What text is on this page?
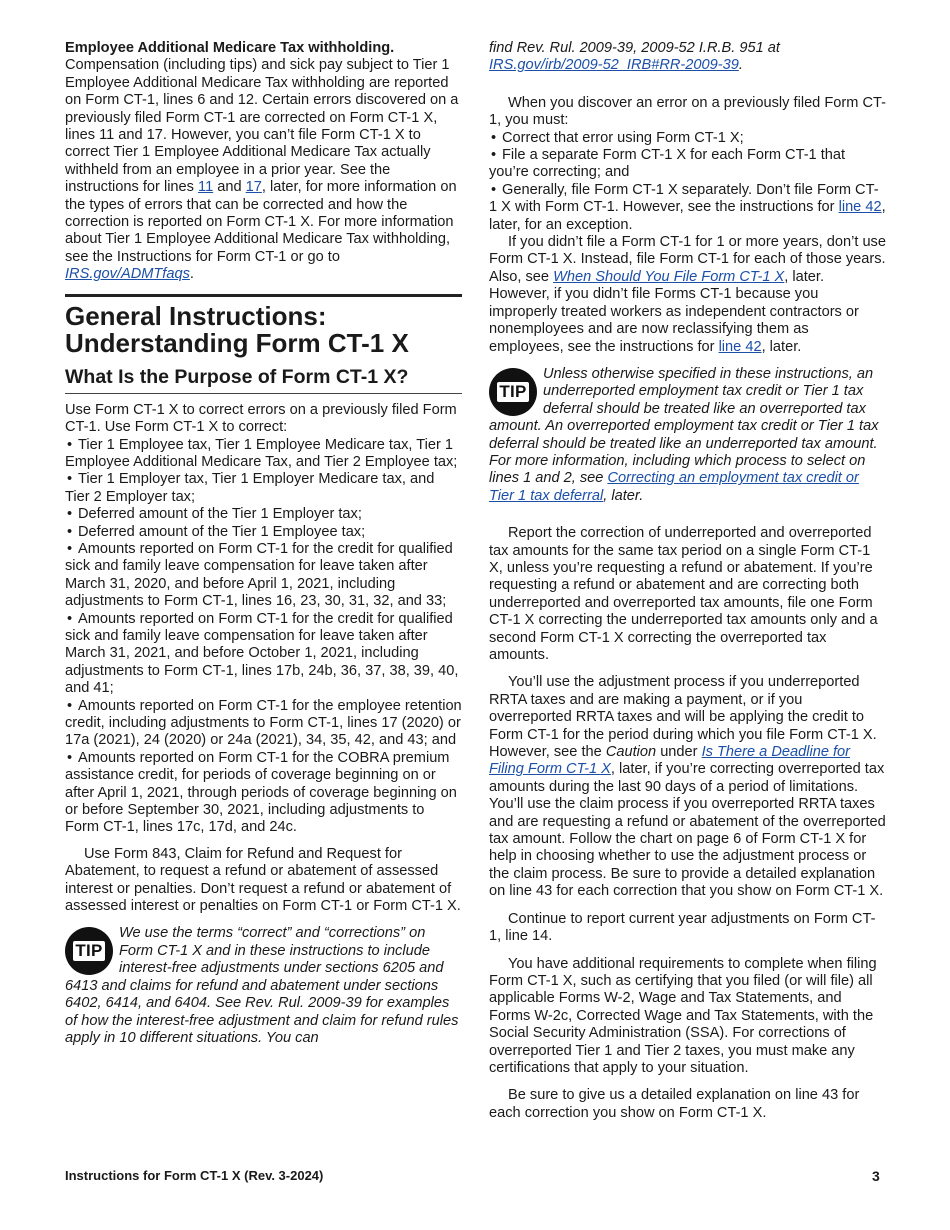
Employee Additional Medicare Tax withholding. Compensation (including tips) and sick pay subject to Tier 1 Employee Additional Medicare Tax withholding are reported on Form CT-1, lines 6 and 12. Certain errors discovered on a previously filed Form CT-1 are corrected on Form CT-1 X, lines 11 and 17. However, you can’t file Form CT-1 X to correct Tier 1 Employee Additional Medicare Tax actually withheld from an employee in a prior year. See the instructions for lines 11 and 17, later, for more information on the types of errors that can be corrected and how the correction is reported on Form CT-1 X. For more information about Tier 1 Employee Additional Medicare Tax withholding, see the Instructions for Form CT-1 or go to IRS.gov/ADMTfaqs.

General Instructions: Understanding Form CT-1 X
What Is the Purpose of Form CT-1 X?

Use Form CT-1 X to correct errors on a previously filed Form CT-1. Use Form CT-1 X to correct:

• Tier 1 Employee tax, Tier 1 Employee Medicare tax, Tier 1 Employee Additional Medicare Tax, and Tier 2 Employee tax;
• Tier 1 Employer tax, Tier 1 Employer Medicare tax, and Tier 2 Employer tax;
• Deferred amount of the Tier 1 Employer tax;
• Deferred amount of the Tier 1 Employee tax;
• Amounts reported on Form CT-1 for the credit for qualified sick and family leave compensation for leave taken after March 31, 2020, and before April 1, 2021, including adjustments to Form CT-1, lines 16, 23, 30, 31, 32, and 33;
• Amounts reported on Form CT-1 for the credit for qualified sick and family leave compensation for leave taken after March 31, 2021, and before October 1, 2021, including adjustments to Form CT-1, lines 17b, 24b, 36, 37, 38, 39, 40, and 41;
• Amounts reported on Form CT-1 for the employee retention credit, including adjustments to Form CT-1, lines 17 (2020) or 17a (2021), 24 (2020) or 24a (2021), 34, 35, 42, and 43; and
• Amounts reported on Form CT-1 for the COBRA premium assistance credit, for periods of coverage beginning on or after April 1, 2021, through periods of coverage beginning on or before September 30, 2021, including adjustments to Form CT-1, lines 17c, 17d, and 24c.

Use Form 843, Claim for Refund and Request for Abatement, to request a refund or abatement of assessed interest or penalties. Don’t request a refund or abatement of assessed interest or penalties on Form CT-1 or Form CT-1 X.

TIP

We use the terms “correct” and “corrections” on Form CT-1 X and in these instructions to include interest-free adjustments under sections 6205 and 6413 and claims for refund and abatement under sections 6402, 6414, and 6404. See Rev. Rul. 2009-39 for examples of how the interest-free adjustment and claim for refund rules apply in 10 different situations. You can

find Rev. Rul. 2009-39, 2009-52 I.R.B. 951 at IRS.gov/irb/2009-52_IRB#RR-2009-39.

When you discover an error on a previously filed Form CT-1, you must:

• Correct that error using Form CT-1 X;
• File a separate Form CT-1 X for each Form CT-1 that you’re correcting; and
• Generally, file Form CT-1 X separately. Don’t file Form CT-1 X with Form CT-1. However, see the instructions for line 42, later, for an exception.

If you didn’t file a Form CT-1 for 1 or more years, don’t use Form CT-1 X. Instead, file Form CT-1 for each of those years. Also, see When Should You File Form CT-1 X, later. However, if you didn’t file Forms CT-1 because you improperly treated workers as independent contractors or nonemployees and are now reclassifying them as employees, see the instructions for line 42, later.

TIP

Unless otherwise specified in these instructions, an underreported employment tax credit or Tier 1 tax deferral should be treated like an overreported tax amount. An overreported employment tax credit or Tier 1 tax deferral should be treated like an underreported tax amount. For more information, including which process to select on lines 1 and 2, see Correcting an employment tax credit or Tier 1 tax deferral, later.

Report the correction of underreported and overreported tax amounts for the same tax period on a single Form CT-1 X, unless you’re requesting a refund or abatement. If you’re requesting a refund or abatement and are correcting both underreported and overreported tax amounts, file one Form CT-1 X correcting the underreported tax amounts only and a second Form CT-1 X correcting the overreported tax amounts.

You’ll use the adjustment process if you underreported RRTA taxes and are making a payment, or if you overreported RRTA taxes and will be applying the credit to Form CT-1 for the period during which you file Form CT-1 X. However, see the Caution under Is There a Deadline for Filing Form CT-1 X, later, if you’re correcting overreported tax amounts during the last 90 days of a period of limitations. You’ll use the claim process if you overreported RRTA taxes and are requesting a refund or abatement of the overreported tax amount. Follow the chart on page 6 of Form CT-1 X for help in choosing whether to use the adjustment process or the claim process. Be sure to provide a detailed explanation on line 43 for each correction that you show on Form CT-1 X.

Continue to report current year adjustments on Form CT-1, line 14.

You have additional requirements to complete when filing Form CT-1 X, such as certifying that you filed (or will file) all applicable Forms W-2, Wage and Tax Statements, and Forms W-2c, Corrected Wage and Tax Statements, with the Social Security Administration (SSA). For corrections of overreported Tier 1 and Tier 2 taxes, you must make any certifications that apply to your situation.

Be sure to give us a detailed explanation on line 43 for each correction you show on Form CT-1 X.

Instructions for Form CT-1 X (Rev. 3-2024)	3
